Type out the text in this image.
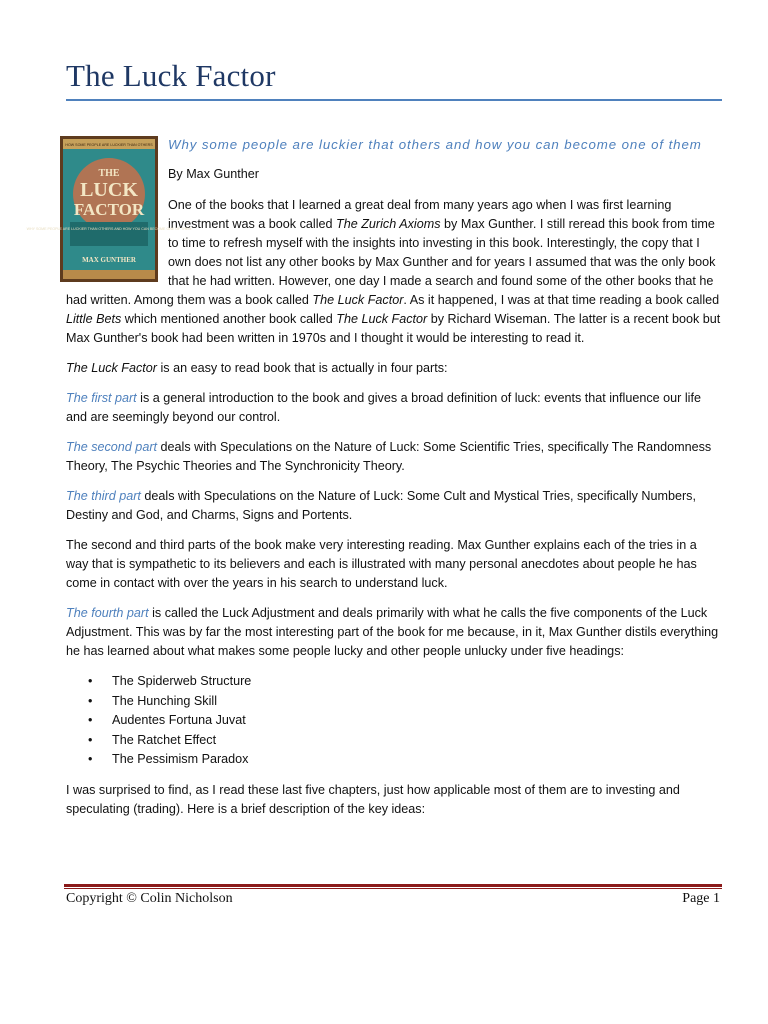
The Luck Factor
HOW SOME PEOPLE ARE LUCKIER THAN OTHERS
THE
LUCK
FACTOR
WHY SOME PEOPLE ARE LUCKIER THAN OTHERS AND HOW YOU CAN BECOME ONE OF THEM
MAX GUNTHER

Why some people are luckier that others and how you can become one of them

By Max Gunther

One of the books that I learned a great deal from many years ago when I was first learning investment was a book called The Zurich Axioms by Max Gunther. I still reread this book from time to time to refresh myself with the insights into investing in this book. Interestingly, the copy that I own does not list any other books by Max Gunther and for years I assumed that was the only book that he had written. However, one day I made a search and found some of the other books that he had written. Among them was a book called The Luck Factor. As it happened, I was at that time reading a book called Little Bets which mentioned another book called The Luck Factor by Richard Wiseman. The latter is a recent book but Max Gunther's book had been written in 1970s and I thought it would be interesting to read it.

The Luck Factor is an easy to read book that is actually in four parts:

The first part is a general introduction to the book and gives a broad definition of luck: events that influence our life and are seemingly beyond our control.

The second part deals with Speculations on the Nature of Luck: Some Scientific Tries, specifically The Randomness Theory, The Psychic Theories and The Synchronicity Theory.

The third part deals with Speculations on the Nature of Luck: Some Cult and Mystical Tries, specifically Numbers, Destiny and God, and Charms, Signs and Portents.

The second and third parts of the book make very interesting reading. Max Gunther explains each of the tries in a way that is sympathetic to its believers and each is illustrated with many personal anecdotes about people he has come in contact with over the years in his search to understand luck.

The fourth part is called the Luck Adjustment and deals primarily with what he calls the five components of the Luck Adjustment. This was by far the most interesting part of the book for me because, in it, Max Gunther distils everything he has learned about what makes some people lucky and other people unlucky under five headings:

• The Spiderweb Structure
• The Hunching Skill
• Audentes Fortuna Juvat
• The Ratchet Effect
• The Pessimism Paradox

I was surprised to find, as I read these last five chapters, just how applicable most of them are to investing and speculating (trading). Here is a brief description of the key ideas:

Copyright © Colin Nicholson	Page 1
